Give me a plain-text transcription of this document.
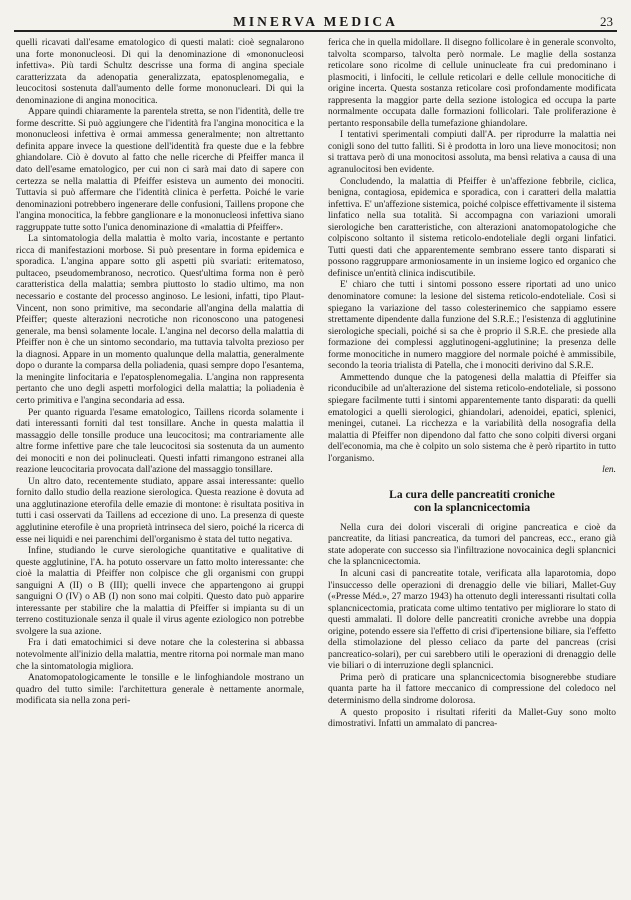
MINERVA MEDICA	23

quelli ricavati dall'esame ematologico di questi malati: cioè segnalarono una forte mononucleosi. Di qui la denominazione di «mononucleosi infettiva». Più tardi Schultz descrisse una forma di angina speciale caratterizzata da adenopatia generalizzata, epatosplenomegalia, e leucocitosi sostenuta dall'aumento delle forme mononucleari. Di qui la denominazione di angina monocitica.

Appare quindi chiaramente la parentela stretta, se non l'identità, delle tre forme descritte. Si può aggiungere che l'identità fra l'angina monocitica e la mononucleosi infettiva è ormai ammessa generalmente; non altrettanto definita appare invece la questione dell'identità fra queste due e la febbre ghiandolare. Ciò è dovuto al fatto che nelle ricerche di Pfeiffer manca il dato dell'esame ematologico, per cui non ci sarà mai dato di sapere con certezza se nella malattia di Pfeiffer esisteva un aumento dei monociti. Tuttavia si può affermare che l'identità clinica è perfetta. Poiché le varie denominazioni potrebbero ingenerare delle confusioni, Taillens propone che l'angina monocitica, la febbre ganglionare e la mononucleosi infettiva siano raggruppate tutte sotto l'unica denominazione di «malattia di Pfeiffer».

La sintomatologia della malattia è molto varia, incostante e pertanto ricca di manifestazioni morbose. Si può presentare in forma epidemica e sporadica. L'angina appare sotto gli aspetti più svariati: eritematoso, pultaceo, pseudomembranoso, necrotico. Quest'ultima forma non è però caratteristica della malattia; sembra piuttosto lo stadio ultimo, ma non necessario e costante del processo anginoso. Le lesioni, infatti, tipo Plaut-Vincent, non sono primitive, ma secondarie all'angina della malattia di Pfeiffer; queste alterazioni necrotiche non riconoscono una patogenesi generale, ma bensì solamente locale. L'angina nel decorso della malattia di Pfeiffer non è che un sintomo secondario, ma tuttavia talvolta prezioso per la diagnosi. Appare in un momento qualunque della malattia, generalmente dopo o durante la comparsa della poliadenia, quasi sempre dopo l'esantema, la meningite linfocitaria e l'epatosplenomegalia. L'angina non rappresenta pertanto che uno degli aspetti morfologici della malattia; la poliadenia è certo primitiva e l'angina secondaria ad essa.

Per quanto riguarda l'esame ematologico, Taillens ricorda solamente i dati interessanti forniti dal test tonsillare. Anche in questa malattia il massaggio delle tonsille produce una leucocitosi; ma contrariamente alle altre forme infettive pare che tale leucocitosi sia sostenuta da un aumento dei monociti e non dei polinucleati. Questi infatti rimangono estranei alla reazione leucocitaria provocata dall'azione del massaggio tonsillare.

Un altro dato, recentemente studiato, appare assai interessante: quello fornito dallo studio della reazione sierologica. Questa reazione è dovuta ad una agglutinazione eterofila delle emazie di montone: è risultata positiva in tutti i casi osservati da Taillens ad eccezione di uno. La presenza di queste agglutinine eterofile è una proprietà intrinseca del siero, poiché la ricerca di esse nei liquidi e nei parenchimi dell'organismo è stata del tutto negativa.

Infine, studiando le curve sierologiche quantitative e qualitative di queste agglutinine, l'A. ha potuto osservare un fatto molto interessante: che cioè la malattia di Pfeiffer non colpisce che gli organismi con gruppi sanguigni A (II) o B (III); quelli invece che appartengono ai gruppi sanguigni O (IV) o AB (I) non sono mai colpiti. Questo dato può apparire interessante per stabilire che la malattia di Pfeiffer si impianta su di un terreno costituzionale senza il quale il virus agente eziologico non potrebbe svolgere la sua azione.

Fra i dati ematochimici si deve notare che la colesterina si abbassa notevolmente all'inizio della malattia, mentre ritorna poi normale man mano che la sintomatologia migliora.

Anatomopatologicamente le tonsille e le linfoghiandole mostrano un quadro del tutto simile: l'architettura generale è nettamente anormale, modificata sia nella zona peri-

ferica che in quella midollare. Il disegno follicolare è in generale sconvolto, talvolta scomparso, talvolta però normale. Le maglie della sostanza reticolare sono ricolme di cellule uninucleate fra cui predominano i plasmociti, i linfociti, le cellule reticolari e delle cellule monocitiche di origine incerta. Questa sostanza reticolare così profondamente modificata rappresenta la maggior parte della sezione istologica ed occupa la parte normalmente occupata dalle formazioni follicolari. Tale proliferazione è pertanto responsabile della tumefazione ghiandolare.

I tentativi sperimentali compiuti dall'A. per riprodurre la malattia nei conigli sono del tutto falliti. Si è prodotta in loro una lieve monocitosi; non si trattava però di una monocitosi assoluta, ma bensì relativa a causa di una agranulocitosi ben evidente.

Concludendo, la malattia di Pfeiffer è un'affezione febbrile, ciclica, benigna, contagiosa, epidemica e sporadica, con i caratteri della malattia infettiva. E' un'affezione sistemica, poiché colpisce effettivamente il sistema linfatico nella sua totalità. Si accompagna con variazioni umorali sierologiche ben caratteristiche, con alterazioni anatomopatologiche che colpiscono soltanto il sistema reticolo-endoteliale degli organi linfatici. Tutti questi dati che apparentemente sembrano essere tanto disparati si possono raggruppare armoniosamente in un insieme logico ed organico che definisce un'entità clinica indiscutibile.

E' chiaro che tutti i sintomi possono essere riportati ad uno unico denominatore comune: la lesione del sistema reticolo-endoteliale. Così si spiegano la variazione del tasso colesterinemico che sappiamo essere strettamente dipendente dalla funzione del S.R.E.; l'esistenza di agglutinine sierologiche speciali, poiché si sa che è proprio il S.R.E. che presiede alla formazione dei complessi agglutinogeni-agglutinine; la presenza delle forme monocitiche in numero maggiore del normale poiché è ammissibile, secondo la teoria trialista di Patella, che i monociti derivino dal S.R.E.

Ammettendo dunque che la patogenesi della malattia di Pfeiffer sia riconducibile ad un'alterazione del sistema reticolo-endoteliale, si possono spiegare facilmente tutti i sintomi apparentemente tanto disparati: da quelli ematologici a quelli sierologici, ghiandolari, adenoidei, epatici, splenici, meningei, cutanei. La ricchezza e la variabilità della nosografia della malattia di Pfeiffer non dipendono dal fatto che sono colpiti diversi organi dell'economia, ma che è colpito un solo sistema che è però ripartito in tutto l'organismo.

len.

La cura delle pancreatiti croniche
con la splancnicectomia

Nella cura dei dolori viscerali di origine pancreatica e cioè da pancreatite, da litiasi pancreatica, da tumori del pancreas, ecc., erano già state adoperate con successo sia l'infiltrazione novocainica degli splancnici che la splancnicectomia.

In alcuni casi di pancreatite totale, verificata alla laparotomia, dopo l'insuccesso delle operazioni di drenaggio delle vie biliari, Mallet-Guy («Presse Méd.», 27 marzo 1943) ha ottenuto degli interessanti risultati colla splancnicectomia, praticata come ultimo tentativo per migliorare lo stato di questi ammalati. Il dolore delle pancreatiti croniche avrebbe una doppia origine, potendo essere sia l'effetto di crisi d'ipertensione biliare, sia l'effetto della stimolazione del plesso celiaco da parte del pancreas (crisi pancreatico-solari), per cui sarebbero utili le operazioni di drenaggio delle vie biliari o di interruzione degli splancnici.

Prima però di praticare una splancnicectomia bisognerebbe studiare quanta parte ha il fattore meccanico di compressione del coledoco nel determinismo della sindrome dolorosa.

A questo proposito i risultati riferiti da Mallet-Guy sono molto dimostrativi. Infatti un ammalato di pancrea-
